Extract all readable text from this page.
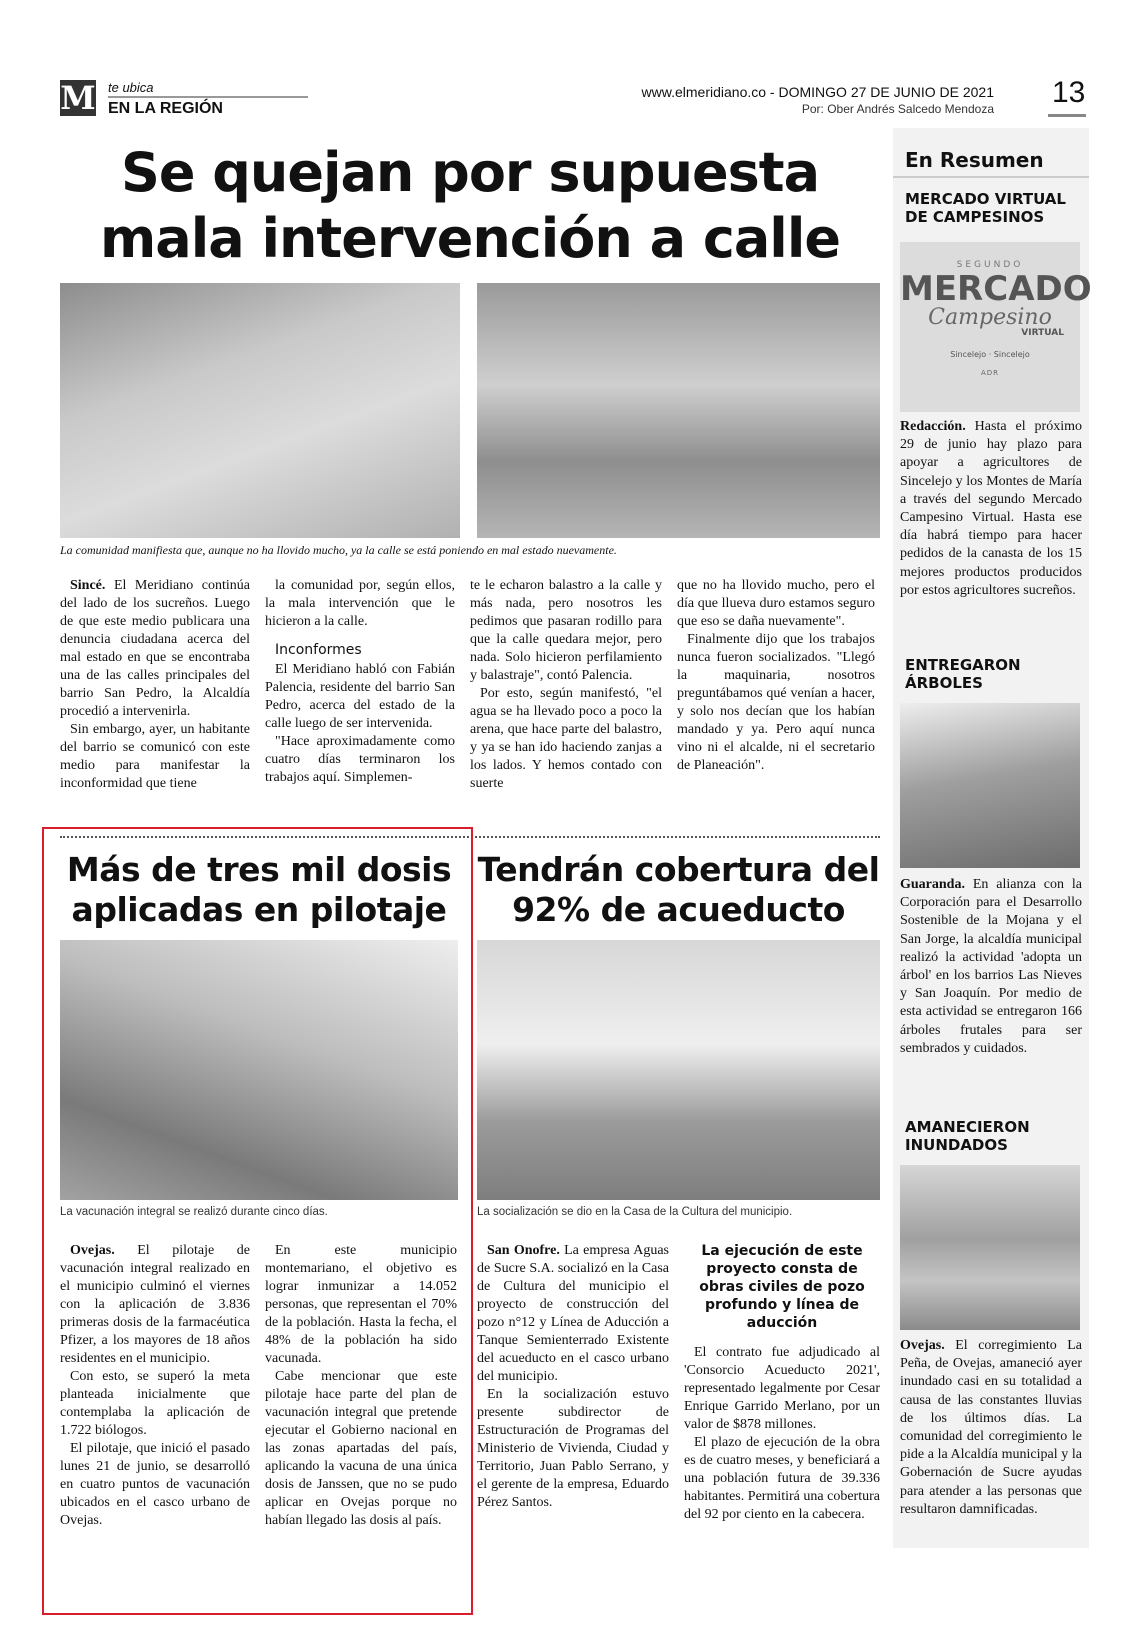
M te ubica
EN LA REGIÓN
www.elmeridiano.co - DOMINGO 27 DE JUNIO DE 2021
Por: Ober Andrés Salcedo Mendoza 13
Se quejan por supuesta mala intervención a calle
La comunidad manifiesta que, aunque no ha llovido mucho, ya la calle se está poniendo en mal estado nuevamente.

Sincé. El Meridiano continúa del lado de los sucreños. Luego de que este medio publicara una denuncia ciudadana acerca del mal estado en que se encontraba una de las calles principales del barrio San Pedro, la Alcaldía procedió a intervenirla.

Sin embargo, ayer, un habitante del barrio se comunicó con este medio para manifestar la inconformidad que tiene

la comunidad por, según ellos, la mala intervención que le hicieron a la calle.

Inconformes

El Meridiano habló con Fabián Palencia, residente del barrio San Pedro, acerca del estado de la calle luego de ser intervenida.

"Hace aproximadamente como cuatro días terminaron los trabajos aquí. Simplemen-

te le echaron balastro a la calle y más nada, pero nosotros les pedimos que pasaran rodillo para que la calle quedara mejor, pero nada. Solo hicieron perfilamiento y balastraje", contó Palencia.

Por esto, según manifestó, "el agua se ha llevado poco a poco la arena, que hace parte del balastro, y ya se han ido haciendo zanjas a los lados. Y hemos contado con suerte

que no ha llovido mucho, pero el día que llueva duro estamos seguro que eso se daña nuevamente".

Finalmente dijo que los trabajos nunca fueron socializados. "Llegó la maquinaria, nosotros preguntábamos qué venían a hacer, y solo nos decían que los habían mandado y ya. Pero aquí nunca vino ni el alcalde, ni el secretario de Planeación".

En Resumen
MERCADO VIRTUAL DE CAMPESINOS
SEGUNDO
MERCADO
Campesino
VIRTUAL
Sincelejo · Sincelejo
ADR
Redacción. Hasta el próximo 29 de junio hay plazo para apoyar a agricultores de Sincelejo y los Montes de María a través del segundo Mercado Campesino Virtual. Hasta ese día habrá tiempo para hacer pedidos de la canasta de los 15 mejores productos producidos por estos agricultores sucreños.
ENTREGARON ÁRBOLES
Guaranda. En alianza con la Corporación para el Desarrollo Sostenible de la Mojana y el San Jorge, la alcaldía municipal realizó la actividad 'adopta un árbol' en los barrios Las Nieves y San Joaquín. Por medio de esta actividad se entregaron 166 árboles frutales para ser sembrados y cuidados.
AMANECIERON INUNDADOS
Ovejas. El corregimiento La Peña, de Ovejas, amaneció ayer inundado casi en su totalidad a causa de las constantes lluvias de los últimos días. La comunidad del corregimiento le pide a la Alcaldía municipal y la Gobernación de Sucre ayudas para atender a las personas que resultaron damnificadas.
Más de tres mil dosis
aplicadas en pilotaje
La vacunación integral se realizó durante cinco días.

Ovejas. El pilotaje de vacunación integral realizado en el municipio culminó el viernes con la aplicación de 3.836 primeras dosis de la farmacéutica Pfizer, a los mayores de 18 años residentes en el municipio.

Con esto, se superó la meta planteada inicialmente que contemplaba la aplicación de 1.722 biólogos.

El pilotaje, que inició el pasado lunes 21 de junio, se desarrolló en cuatro puntos de vacunación ubicados en el casco urbano de Ovejas.

En este municipio montemariano, el objetivo es lograr inmunizar a 14.052 personas, que representan el 70% de la población. Hasta la fecha, el 48% de la población ha sido vacunada.

Cabe mencionar que este pilotaje hace parte del plan de vacunación integral que pretende ejecutar el Gobierno nacional en las zonas apartadas del país, aplicando la vacuna de una única dosis de Janssen, que no se pudo aplicar en Ovejas porque no habían llegado las dosis al país.

Tendrán cobertura del
92% de acueducto
La socialización se dio en la Casa de la Cultura del municipio.

San Onofre. La empresa Aguas de Sucre S.A. socializó en la Casa de Cultura del municipio el proyecto de construcción del pozo n°12 y Línea de Aducción a Tanque Semienterrado Existente del acueducto en el casco urbano del municipio.

En la socialización estuvo presente subdirector de Estructuración de Programas del Ministerio de Vivienda, Ciudad y Territorio, Juan Pablo Serrano, y el gerente de la empresa, Eduardo Pérez Santos.

La ejecución de este proyecto consta de obras civiles de pozo profundo y línea de aducción

El contrato fue adjudicado al 'Consorcio Acueducto 2021', representado legalmente por Cesar Enrique Garrido Merlano, por un valor de $878 millones.

El plazo de ejecución de la obra es de cuatro meses, y beneficiará a una población futura de 39.336 habitantes. Permitirá una cobertura del 92 por ciento en la cabecera.
